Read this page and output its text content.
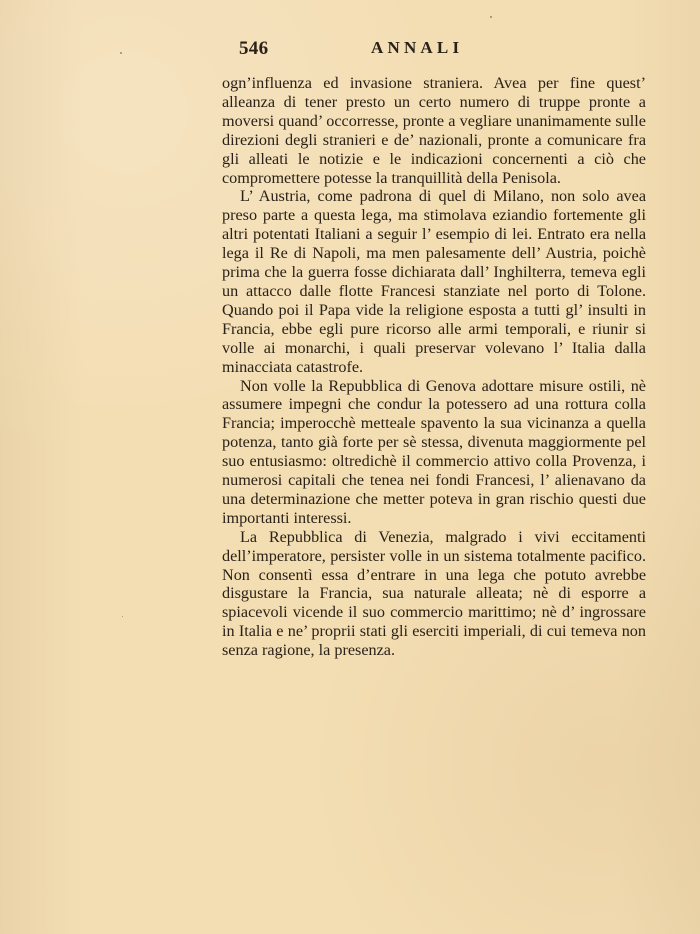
546	ANNALI

ogn’influenza ed invasione straniera. Avea per fine quest’ alleanza di tener presto un certo numero di truppe pronte a moversi quand’ occorresse, pronte a vegliare unanimamente sulle direzioni degli stranieri e de’ nazionali, pronte a comunicare fra gli alleati le notizie e le indicazioni concernenti a ciò che compromettere potesse la tranquillità della Penisola.

L’ Austria, come padrona di quel di Milano, non solo avea preso parte a questa lega, ma stimolava eziandio fortemente gli altri potentati Italiani a seguir l’ esempio di lei. Entrato era nella lega il Re di Napoli, ma men palesamente dell’ Austria, poichè prima che la guerra fosse dichiarata dall’ Inghilterra, temeva egli un attacco dalle flotte Francesi stanziate nel porto di Tolone. Quando poi il Papa vide la religione esposta a tutti gl’ insulti in Francia, ebbe egli pure ricorso alle armi temporali, e riunir si volle ai monarchi, i quali preservar volevano l’ Italia dalla minacciata catastrofe.

Non volle la Repubblica di Genova adottare misure ostili, nè assumere impegni che condur la potessero ad una rottura colla Francia; imperocchè metteale spavento la sua vicinanza a quella potenza, tanto già forte per sè stessa, divenuta maggiormente pel suo entusiasmo: oltredichè il commercio attivo colla Provenza, i numerosi capitali che tenea nei fondi Francesi, l’ alienavano da una determinazione che metter poteva in gran rischio questi due importanti interessi.

La Repubblica di Venezia, malgrado i vivi eccitamenti dell’imperatore, persister volle in un sistema totalmente pacifico. Non consentì essa d’entrare in una lega che potuto avrebbe disgustare la Francia, sua naturale alleata; nè di esporre a spiacevoli vicende il suo commercio marittimo; nè d’ ingrossare in Italia e ne’ proprii stati gli eserciti imperiali, di cui temeva non senza ragione, la presenza.
